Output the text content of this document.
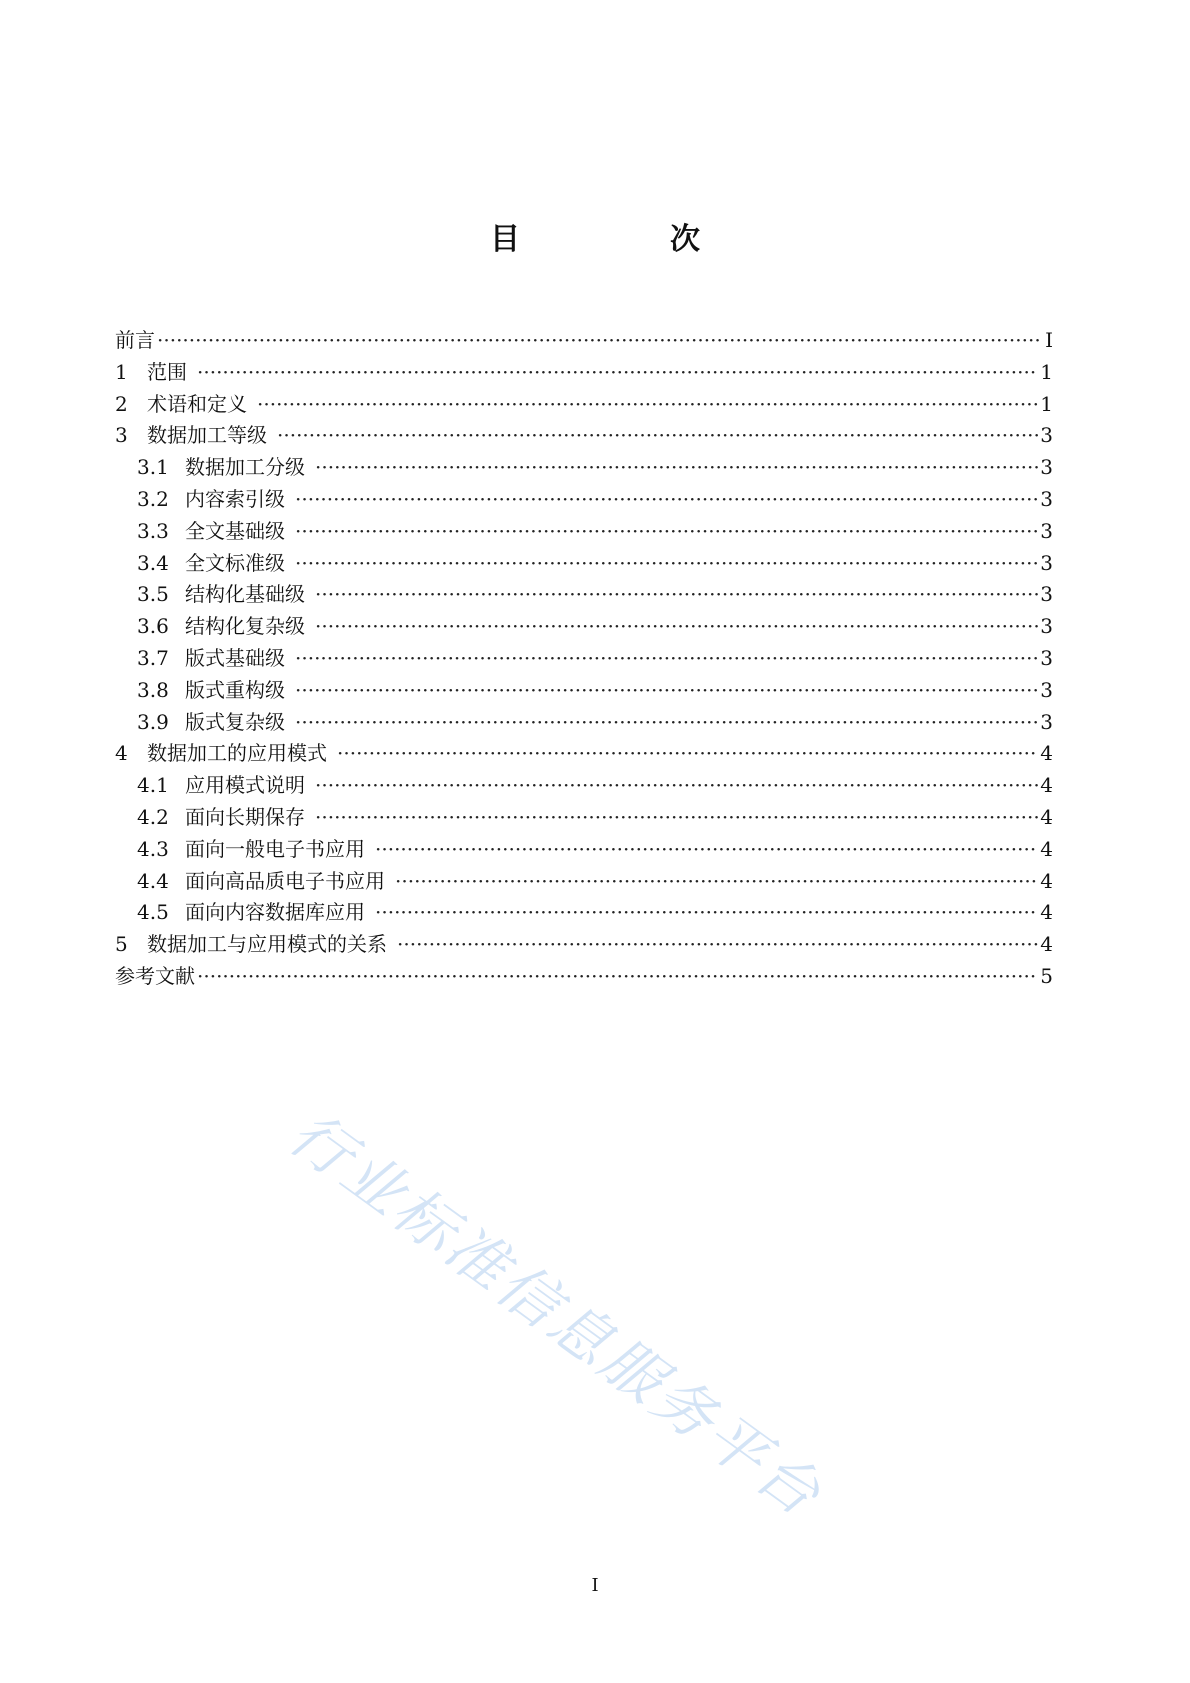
目　次
前言 ·····	I
1 范围 ·····	1
2 术语和定义 ·····	1
3 数据加工等级 ·····	3
3.1 数据加工分级 ·····	3
3.2 内容索引级 ·····	3
3.3 全文基础级 ·····	3
3.4 全文标准级 ·····	3
3.5 结构化基础级 ·····	3
3.6 结构化复杂级 ·····	3
3.7 版式基础级 ·····	3
3.8 版式重构级 ·····	3
3.9 版式复杂级 ·····	3
4 数据加工的应用模式 ·····	4
4.1 应用模式说明 ·····	4
4.2 面向长期保存 ·····	4
4.3 面向一般电子书应用 ·····	4
4.4 面向高品质电子书应用 ·····	4
4.5 面向内容数据库应用 ·····	4
5 数据加工与应用模式的关系 ·····	4
参考文献 ·····	5
行业标准信息服务平台
I
